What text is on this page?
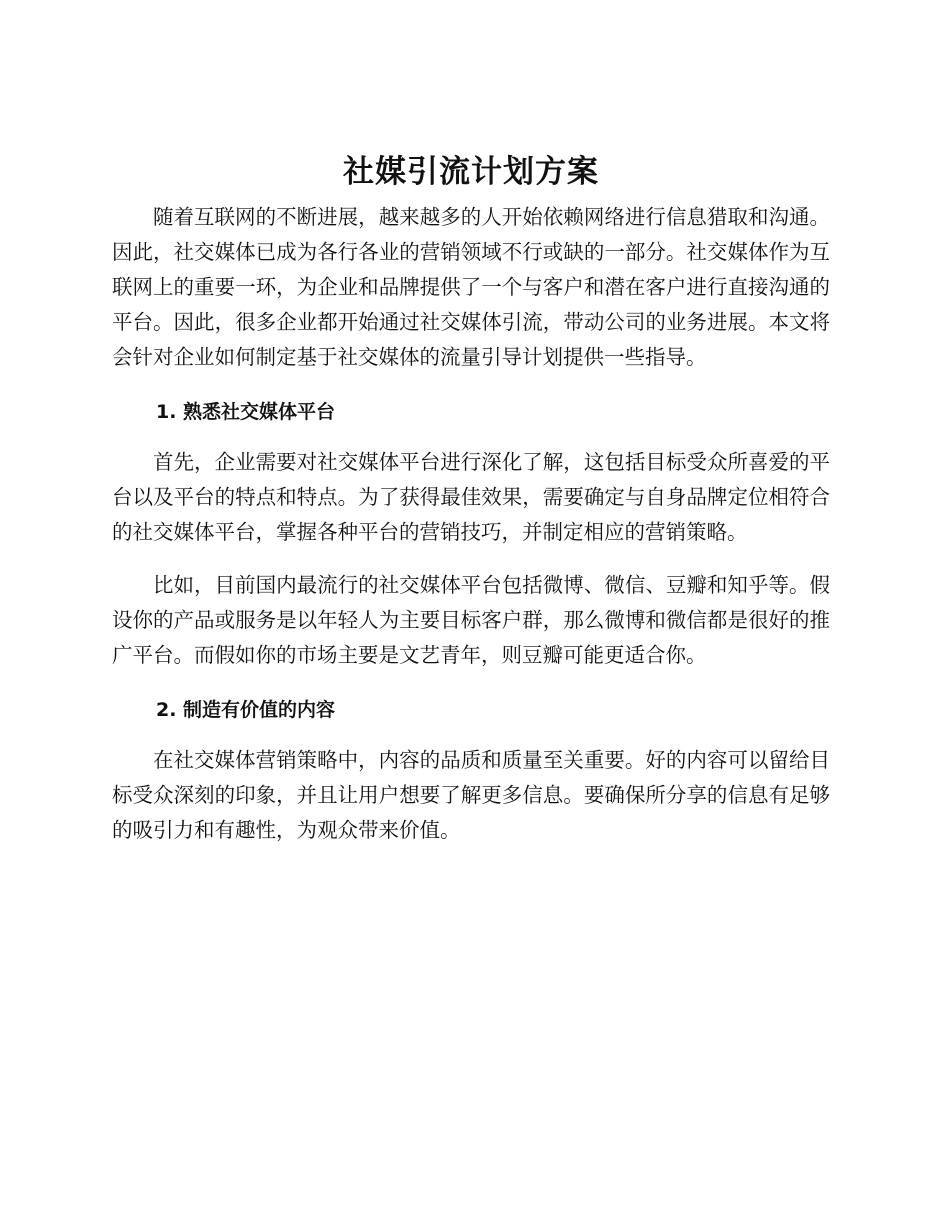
社媒引流计划方案

随着互联网的不断进展，越来越多的人开始依赖网络进行信息猎取和沟通。因此，社交媒体已成为各行各业的营销领域不行或缺的一部分。社交媒体作为互联网上的重要一环，为企业和品牌提供了一个与客户和潜在客户进行直接沟通的平台。因此，很多企业都开始通过社交媒体引流，带动公司的业务进展。本文将会针对企业如何制定基于社交媒体的流量引导计划提供一些指导。

1. 熟悉社交媒体平台

首先，企业需要对社交媒体平台进行深化了解，这包括目标受众所喜爱的平台以及平台的特点和特点。为了获得最佳效果，需要确定与自身品牌定位相符合的社交媒体平台，掌握各种平台的营销技巧，并制定相应的营销策略。

比如，目前国内最流行的社交媒体平台包括微博、微信、豆瓣和知乎等。假设你的产品或服务是以年轻人为主要目标客户群，那么微博和微信都是很好的推广平台。而假如你的市场主要是文艺青年，则豆瓣可能更适合你。

2. 制造有价值的内容

在社交媒体营销策略中，内容的品质和质量至关重要。好的内容可以留给目标受众深刻的印象，并且让用户想要了解更多信息。要确保所分享的信息有足够的吸引力和有趣性，为观众带来价值。
